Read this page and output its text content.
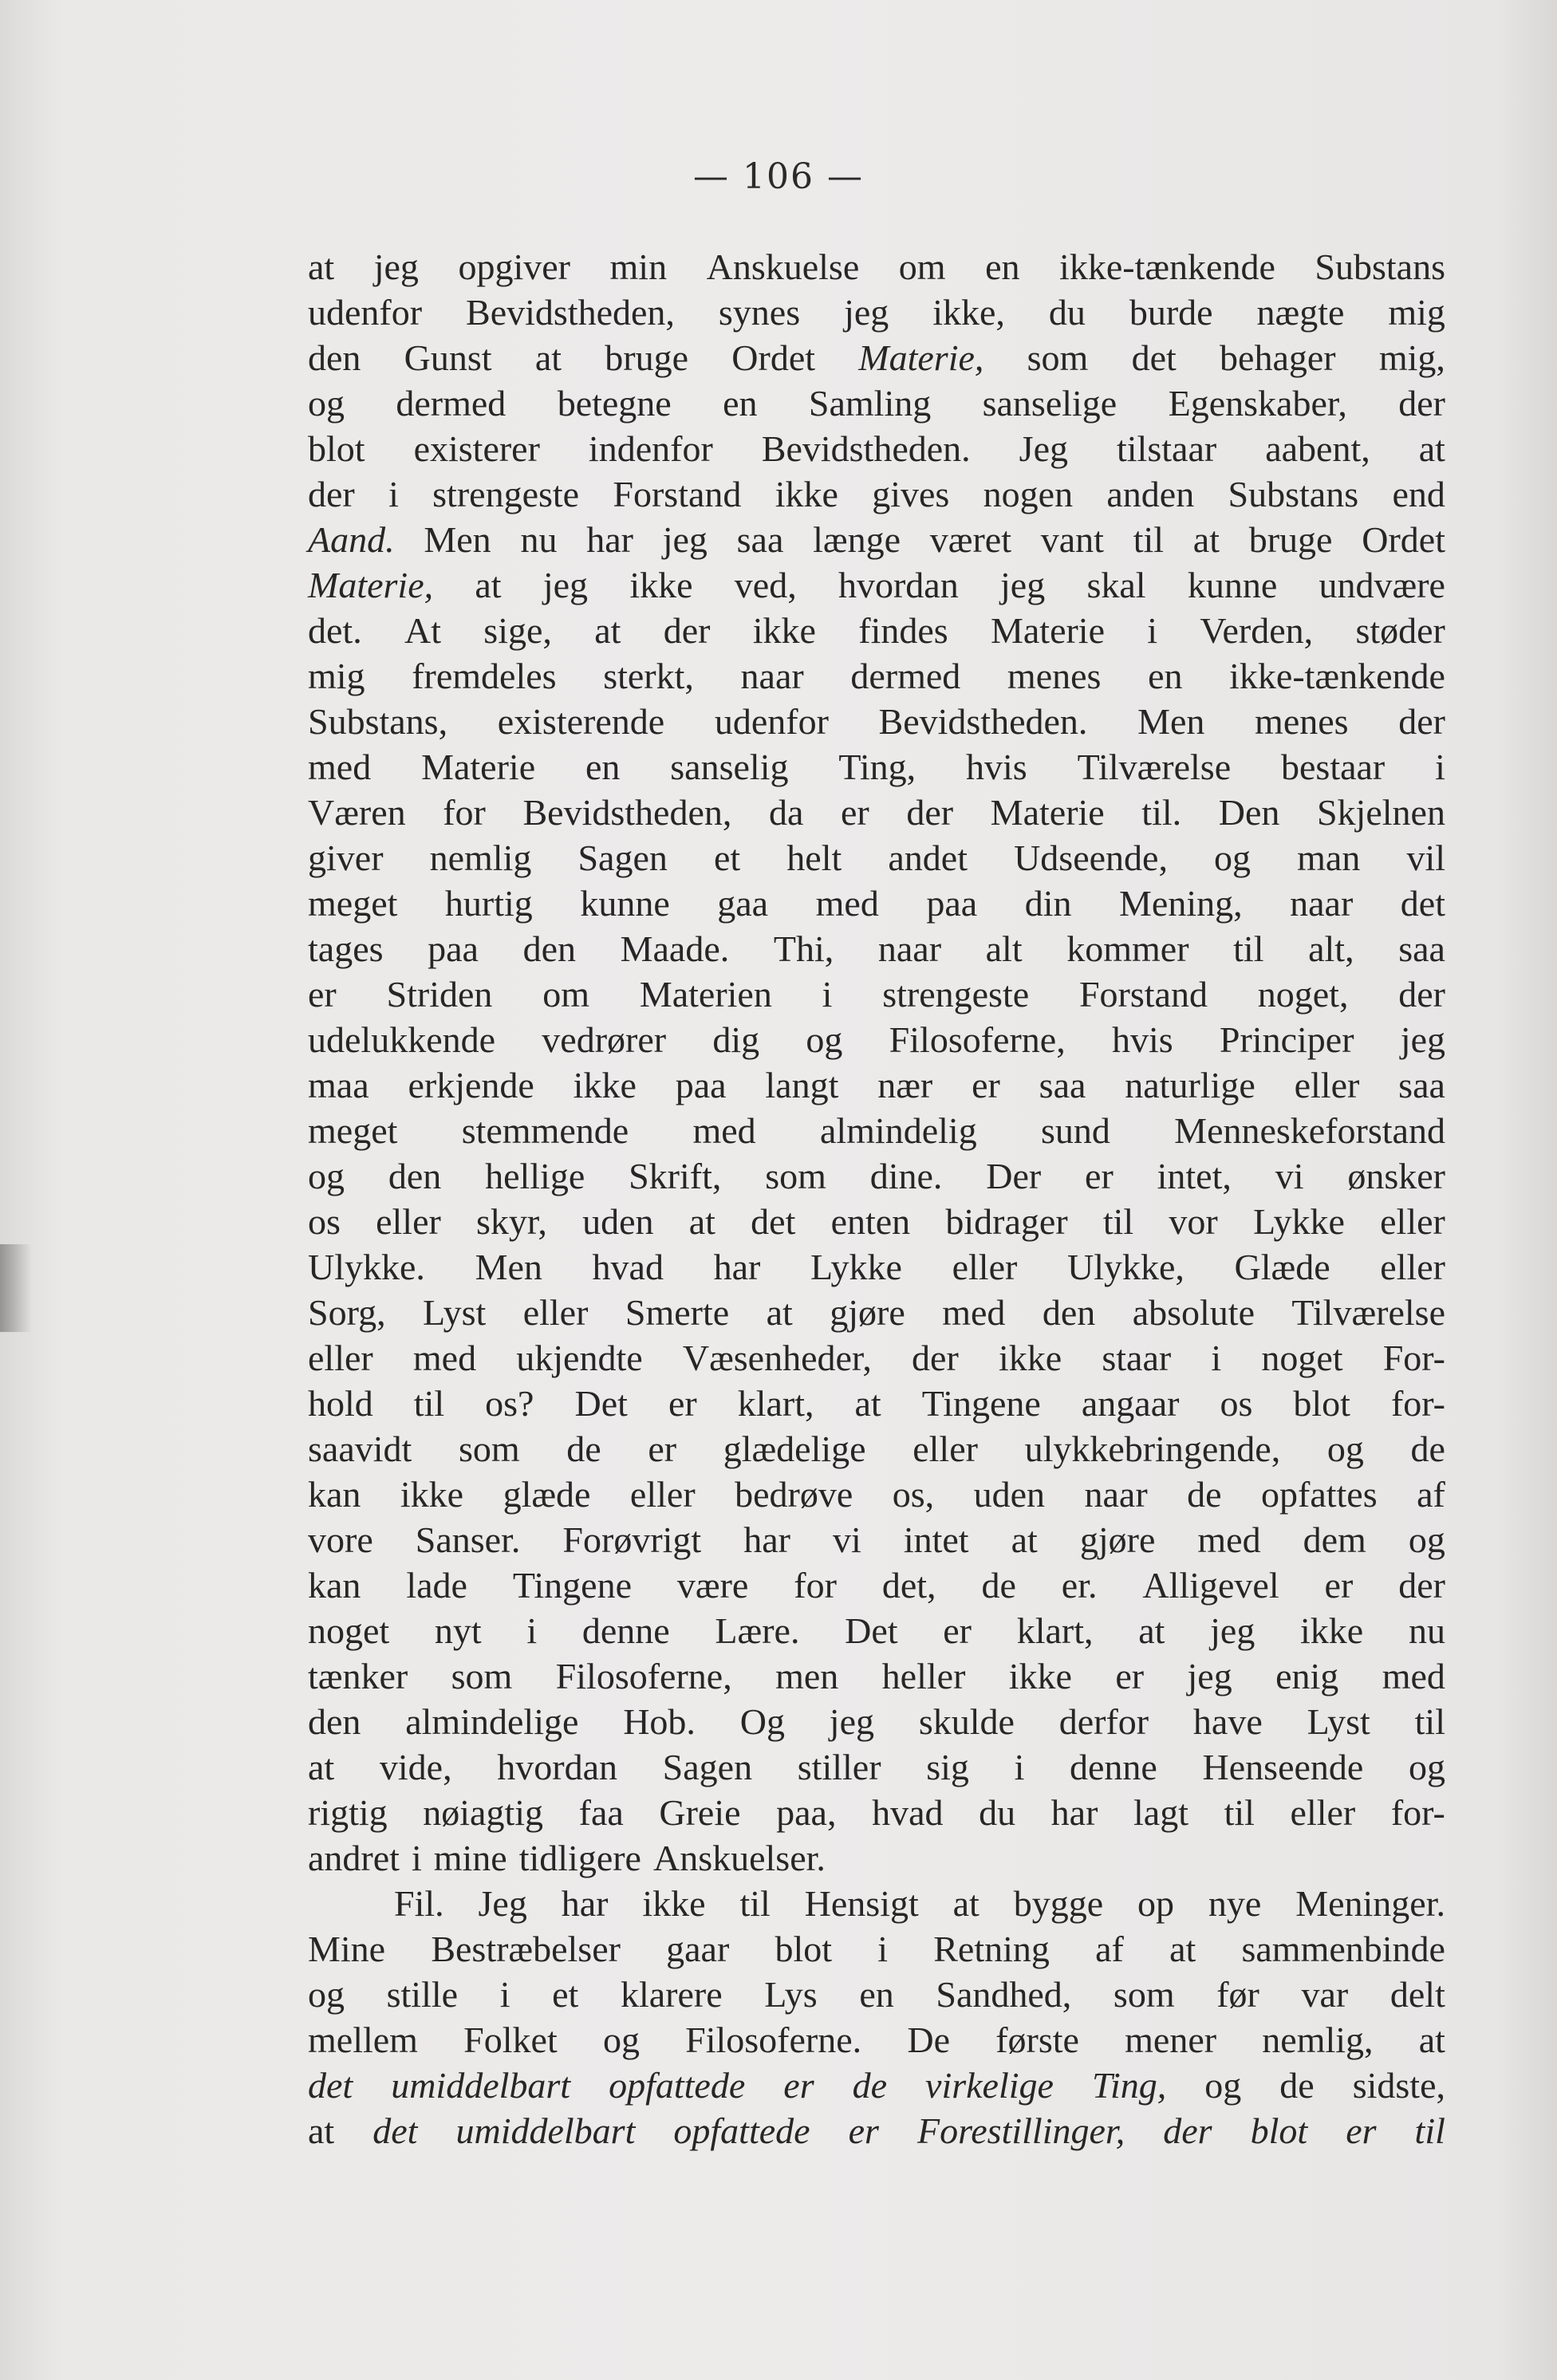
— 106 —
at jeg opgiver min Anskuelse om en ikke-tænkende Substans
udenfor Bevidstheden, synes jeg ikke, du burde nægte mig
den Gunst at bruge Ordet Materie, som det behager mig,
og dermed betegne en Samling sanselige Egenskaber, der
blot existerer indenfor Bevidstheden. Jeg tilstaar aabent, at
der i strengeste Forstand ikke gives nogen anden Substans end
Aand. Men nu har jeg saa længe været vant til at bruge Ordet
Materie, at jeg ikke ved, hvordan jeg skal kunne undvære
det. At sige, at der ikke findes Materie i Verden, støder
mig fremdeles sterkt, naar dermed menes en ikke-tænkende
Substans, existerende udenfor Bevidstheden. Men menes der
med Materie en sanselig Ting, hvis Tilværelse bestaar i
Væren for Bevidstheden, da er der Materie til. Den Skjelnen
giver nemlig Sagen et helt andet Udseende, og man vil
meget hurtig kunne gaa med paa din Mening, naar det
tages paa den Maade. Thi, naar alt kommer til alt, saa
er Striden om Materien i strengeste Forstand noget, der
udelukkende vedrører dig og Filosoferne, hvis Principer jeg
maa erkjende ikke paa langt nær er saa naturlige eller saa
meget stemmende med almindelig sund Menneskeforstand
og den hellige Skrift, som dine. Der er intet, vi ønsker
os eller skyr, uden at det enten bidrager til vor Lykke eller
Ulykke. Men hvad har Lykke eller Ulykke, Glæde eller
Sorg, Lyst eller Smerte at gjøre med den absolute Tilværelse
eller med ukjendte Væsenheder, der ikke staar i noget For-
hold til os? Det er klart, at Tingene angaar os blot for-
saavidt som de er glædelige eller ulykkebringende, og de
kan ikke glæde eller bedrøve os, uden naar de opfattes af
vore Sanser. Forøvrigt har vi intet at gjøre med dem og
kan lade Tingene være for det, de er. Alligevel er der
noget nyt i denne Lære. Det er klart, at jeg ikke nu
tænker som Filosoferne, men heller ikke er jeg enig med
den almindelige Hob. Og jeg skulde derfor have Lyst til
at vide, hvordan Sagen stiller sig i denne Henseende og
rigtig nøiagtig faa Greie paa, hvad du har lagt til eller for-
andret i mine tidligere Anskuelser.
Fil. Jeg har ikke til Hensigt at bygge op nye Meninger.
Mine Bestræbelser gaar blot i Retning af at sammenbinde
og stille i et klarere Lys en Sandhed, som før var delt
mellem Folket og Filosoferne. De første mener nemlig, at
det umiddelbart opfattede er de virkelige Ting, og de sidste,
at det umiddelbart opfattede er Forestillinger, der blot er til
